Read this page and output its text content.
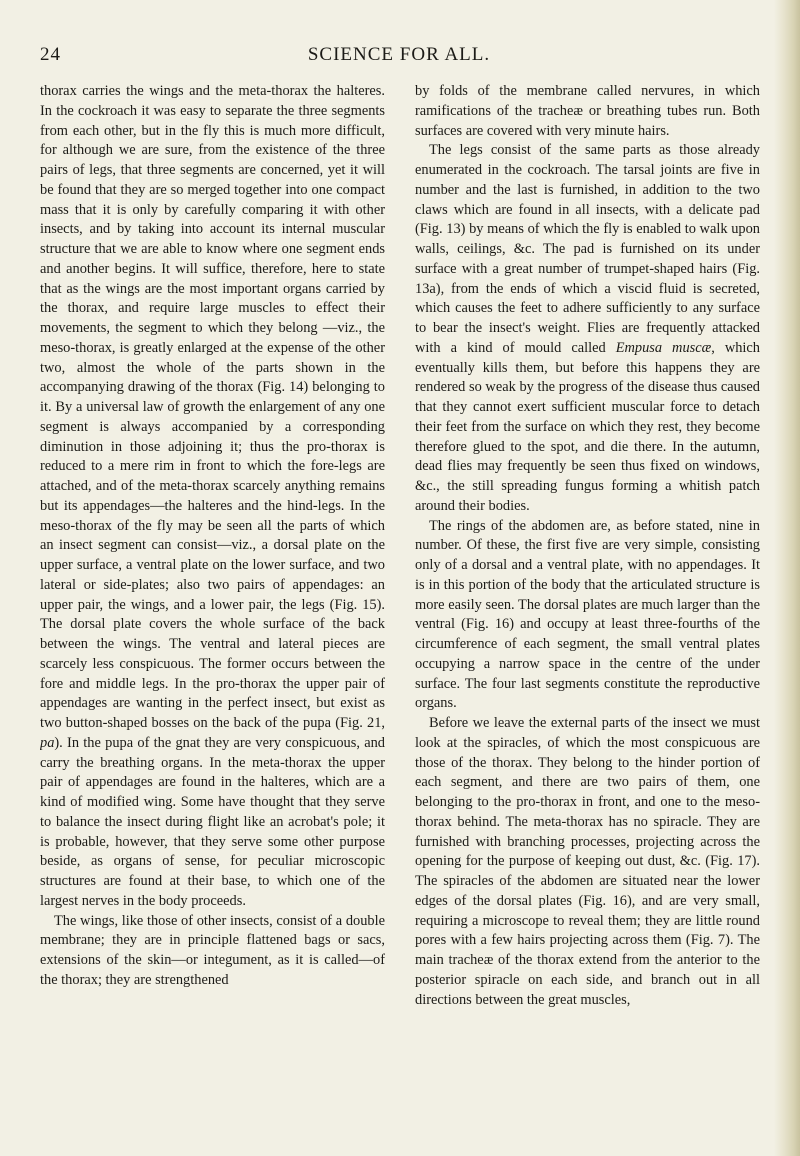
24	SCIENCE FOR ALL.

thorax carries the wings and the meta-thorax the halteres. In the cockroach it was easy to separate the three segments from each other, but in the fly this is much more difficult, for although we are sure, from the existence of the three pairs of legs, that three segments are concerned, yet it will be found that they are so merged together into one compact mass that it is only by carefully comparing it with other insects, and by taking into account its internal muscular structure that we are able to know where one segment ends and another begins. It will suffice, therefore, here to state that as the wings are the most important organs carried by the thorax, and require large muscles to effect their movements, the segment to which they belong —viz., the meso-thorax, is greatly enlarged at the expense of the other two, almost the whole of the parts shown in the accompanying drawing of the thorax (Fig. 14) belonging to it. By a universal law of growth the enlargement of any one segment is always accompanied by a corresponding diminution in those adjoining it; thus the pro-thorax is reduced to a mere rim in front to which the fore-legs are attached, and of the meta-thorax scarcely anything remains but its appendages—the halteres and the hind-legs. In the meso-thorax of the fly may be seen all the parts of which an insect segment can consist—viz., a dorsal plate on the upper surface, a ventral plate on the lower surface, and two lateral or side-plates; also two pairs of appendages: an upper pair, the wings, and a lower pair, the legs (Fig. 15). The dorsal plate covers the whole surface of the back between the wings. The ventral and lateral pieces are scarcely less conspicuous. The former occurs between the fore and middle legs. In the pro-thorax the upper pair of appendages are wanting in the perfect insect, but exist as two button-shaped bosses on the back of the pupa (Fig. 21, pa). In the pupa of the gnat they are very conspicuous, and carry the breathing organs. In the meta-thorax the upper pair of appendages are found in the halteres, which are a kind of modified wing. Some have thought that they serve to balance the insect during flight like an acrobat's pole; it is probable, however, that they serve some other purpose beside, as organs of sense, for peculiar microscopic structures are found at their base, to which one of the largest nerves in the body proceeds.

The wings, like those of other insects, consist of a double membrane; they are in principle flattened bags or sacs, extensions of the skin—or integument, as it is called—of the thorax; they are strengthened

by folds of the membrane called nervures, in which ramifications of the tracheæ or breathing tubes run. Both surfaces are covered with very minute hairs.

The legs consist of the same parts as those already enumerated in the cockroach. The tarsal joints are five in number and the last is furnished, in addition to the two claws which are found in all insects, with a delicate pad (Fig. 13) by means of which the fly is enabled to walk upon walls, ceilings, &c. The pad is furnished on its under surface with a great number of trumpet-shaped hairs (Fig. 13a), from the ends of which a viscid fluid is secreted, which causes the feet to adhere sufficiently to any surface to bear the insect's weight. Flies are frequently attacked with a kind of mould called Empusa muscæ, which eventually kills them, but before this happens they are rendered so weak by the progress of the disease thus caused that they cannot exert sufficient muscular force to detach their feet from the surface on which they rest, they become therefore glued to the spot, and die there. In the autumn, dead flies may frequently be seen thus fixed on windows, &c., the still spreading fungus forming a whitish patch around their bodies.

The rings of the abdomen are, as before stated, nine in number. Of these, the first five are very simple, consisting only of a dorsal and a ventral plate, with no appendages. It is in this portion of the body that the articulated structure is more easily seen. The dorsal plates are much larger than the ventral (Fig. 16) and occupy at least three-fourths of the circumference of each segment, the small ventral plates occupying a narrow space in the centre of the under surface. The four last segments constitute the reproductive organs.

Before we leave the external parts of the insect we must look at the spiracles, of which the most conspicuous are those of the thorax. They belong to the hinder portion of each segment, and there are two pairs of them, one belonging to the pro-thorax in front, and one to the meso-thorax behind. The meta-thorax has no spiracle. They are furnished with branching processes, projecting across the opening for the purpose of keeping out dust, &c. (Fig. 17). The spiracles of the abdomen are situated near the lower edges of the dorsal plates (Fig. 16), and are very small, requiring a microscope to reveal them; they are little round pores with a few hairs projecting across them (Fig. 7). The main tracheæ of the thorax extend from the anterior to the posterior spiracle on each side, and branch out in all directions between the great muscles,
